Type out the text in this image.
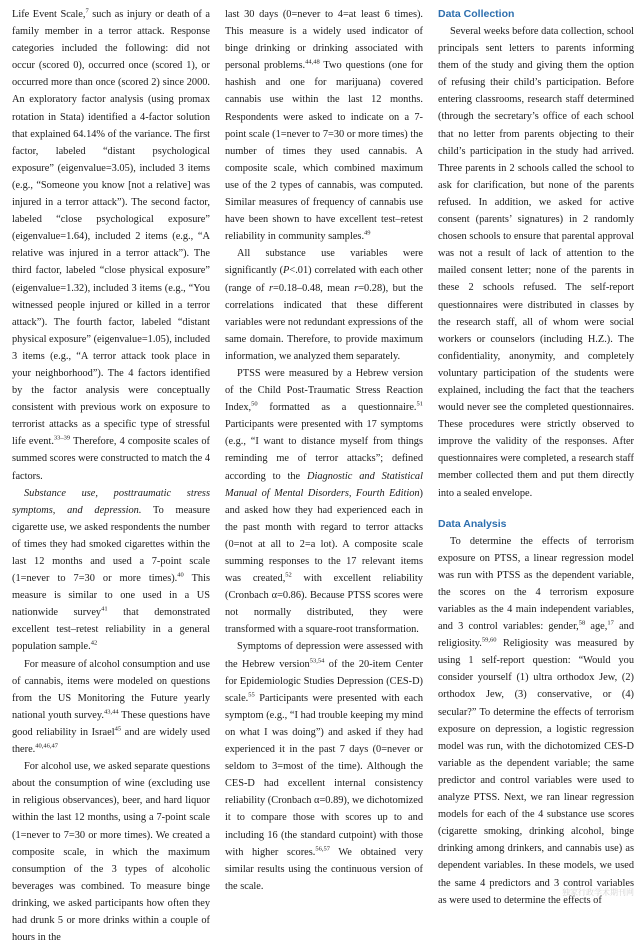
Life Event Scale,$^7$ such as injury or death of a family member in a terror attack. Response categories included the following: did not occur (scored 0), occurred once (scored 1), or occurred more than once (scored 2) since 2000. An exploratory factor analysis (using promax rotation in Stata) identified a 4-factor solution that explained 64.14% of the variance. The first factor, labeled “distant psychological exposure” (eigenvalue=3.05), included 3 items (e.g., “Someone you know [not a relative] was injured in a terror attack”). The second factor, labeled “close psychological exposure” (eigenvalue=1.64), included 2 items (e.g., “A relative was injured in a terror attack”). The third factor, labeled “close physical exposure” (eigenvalue=1.32), included 3 items (e.g., “You witnessed people injured or killed in a terror attack”). The fourth factor, labeled “distant physical exposure” (eigenvalue=1.05), included 3 items (e.g., “A terror attack took place in your neighborhood”). The 4 factors identified by the factor analysis were conceptually consistent with previous work on exposure to terrorist attacks as a specific type of stressful life event.$^{33-39}$ Therefore, 4 composite scales of summed scores were constructed to match the 4 factors.

Substance use, posttraumatic stress symptoms, and depression. To measure cigarette use, we asked respondents the number of times they had smoked cigarettes within the last 12 months and used a 7-point scale (1=never to 7=30 or more times).$^{40}$ This measure is similar to one used in a US nationwide survey$^{41}$ that demonstrated excellent test–retest reliability in a general population sample.$^{42}$

For measure of alcohol consumption and use of cannabis, items were modeled on questions from the US Monitoring the Future yearly national youth survey.$^{43,44}$ These questions have good reliability in Israel$^{45}$ and are widely used there.$^{40,46,47}$

For alcohol use, we asked separate questions about the consumption of wine (excluding use in religious observances), beer, and hard liquor within the last 12 months, using a 7-point scale (1=never to 7=30 or more times). We created a composite scale, in which the maximum consumption of the 3 types of alcoholic beverages was combined. To measure binge drinking, we asked participants how often they had drunk 5 or more drinks within a couple of hours in the

last 30 days (0=never to 4=at least 6 times). This measure is a widely used indicator of binge drinking or drinking associated with personal problems.$^{44,48}$ Two questions (one for hashish and one for marijuana) covered cannabis use within the last 12 months. Respondents were asked to indicate on a 7-point scale (1=never to 7=30 or more times) the number of times they used cannabis. A composite scale, which combined maximum use of the 2 types of cannabis, was computed. Similar measures of frequency of cannabis use have been shown to have excellent test–retest reliability in community samples.$^{49}$

All substance use variables were significantly (P<.01) correlated with each other (range of r=0.18–0.48, mean r=0.28), but the correlations indicated that these different variables were not redundant expressions of the same domain. Therefore, to provide maximum information, we analyzed them separately.

PTSS were measured by a Hebrew version of the Child Post-Traumatic Stress Reaction Index,$^{50}$ formatted as a questionnaire.$^{51}$ Participants were presented with 17 symptoms (e.g., “I want to distance myself from things reminding me of terror attacks”; defined according to the Diagnostic and Statistical Manual of Mental Disorders, Fourth Edition) and asked how they had experienced each in the past month with regard to terror attacks (0=not at all to 2=a lot). A composite scale summing responses to the 17 relevant items was created,$^{52}$ with excellent reliability (Cronbach α=0.86). Because PTSS scores were not normally distributed, they were transformed with a square-root transformation.

Symptoms of depression were assessed with the Hebrew version$^{53,54}$ of the 20-item Center for Epidemiologic Studies Depression (CES-D) scale.$^{55}$ Participants were presented with each symptom (e.g., “I had trouble keeping my mind on what I was doing”) and asked if they had experienced it in the past 7 days (0=never or seldom to 3=most of the time). Although the CES-D had excellent internal consistency reliability (Cronbach α=0.89), we dichotomized it to compare those with scores up to and including 16 (the standard cutpoint) with those with higher scores.$^{56,57}$ We obtained very similar results using the continuous version of the scale.

Data Collection

Several weeks before data collection, school principals sent letters to parents informing them of the study and giving them the option of refusing their child’s participation. Before entering classrooms, research staff determined (through the secretary’s office of each school that no letter from parents objecting to their child’s participation in the study had arrived. Three parents in 2 schools called the school to ask for clarification, but none of the parents refused. In addition, we asked for active consent (parents’ signatures) in 2 randomly chosen schools to ensure that parental approval was not a result of lack of attention to the mailed consent letter; none of the parents in these 2 schools refused. The self-report questionnaires were distributed in classes by the research staff, all of whom were social workers or counselors (including H.Z.). The confidentiality, anonymity, and completely voluntary participation of the students were explained, including the fact that the teachers would never see the completed questionnaires. These procedures were strictly observed to improve the validity of the responses. After questionnaires were completed, a research staff member collected them and put them directly into a sealed envelope.

Data Analysis

To determine the effects of terrorism exposure on PTSS, a linear regression model was run with PTSS as the dependent variable, the scores on the 4 terrorism exposure variables as the 4 main independent variables, and 3 control variables: gender,$^{58}$ age,$^{17}$ and religiosity.$^{59,60}$ Religiosity was measured by using 1 self-report question: “Would you consider yourself (1) ultra orthodox Jew, (2) orthodox Jew, (3) conservative, or (4) secular?” To determine the effects of terrorism exposure on depression, a logistic regression model was run, with the dichotomized CES-D variable as the dependent variable; the same predictor and control variables were used to analyze PTSS. Next, we ran linear regression models for each of the 4 substance use scores (cigarette smoking, drinking alcohol, binge drinking among drinkers, and cannabis use) as dependent variables. In these models, we used the same 4 predictors and 3 control variables as were used to determine the effects of

独家行政学术期刊网
